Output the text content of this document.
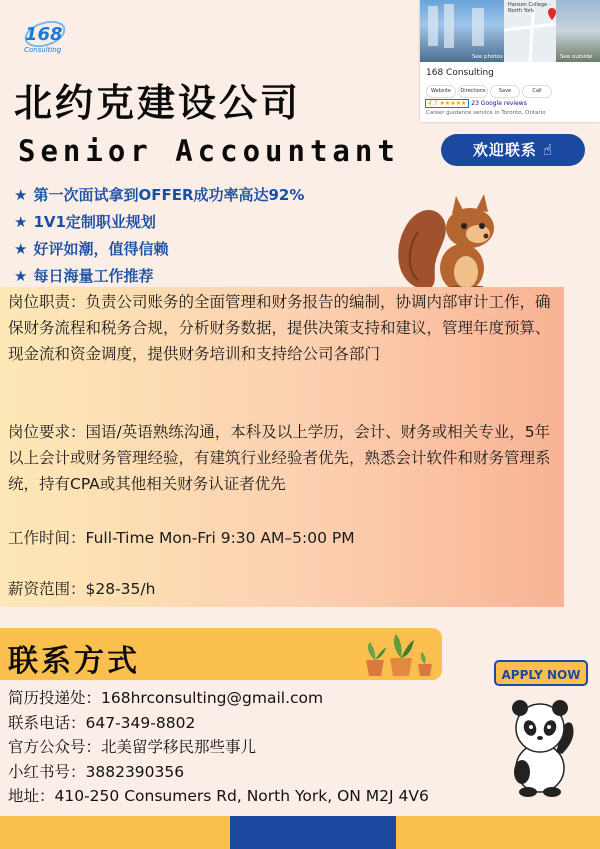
168
Consulting
北约克建设公司
Senior Accountant
See photos
Hanson College - North York
See outside
168 Consulting
Website	Directions	Save	Call
4.7 ★★★★★ 23 Google reviews
Career guidance service in Toronto, Ontario
欢迎联系 ☝
★ 第一次面试拿到OFFER成功率高达92%
★ 1V1定制职业规划
★ 好评如潮，值得信赖
★ 每日海量工作推荐
岗位职责：负责公司账务的全面管理和财务报告的编制，协调内部审计工作，确保财务流程和税务合规，分析财务数据，提供决策支持和建议，管理年度预算、现金流和资金调度，提供财务培训和支持给公司各部门
岗位要求：国语/英语熟练沟通，本科及以上学历，会计、财务或相关专业，5年以上会计或财务管理经验，有建筑行业经验者优先，熟悉会计软件和财务管理系统，持有CPA或其他相关财务认证者优先
工作时间：Full-Time Mon-Fri 9:30 AM–5:00 PM
薪资范围：$28-35/h
联系方式	APPLY NOW
简历投递处：168hrconsulting@gmail.com
联系电话：647-349-8802
官方公众号：北美留学移民那些事儿
小红书号：3882390356
地址：410-250 Consumers Rd, North York, ON M2J 4V6
